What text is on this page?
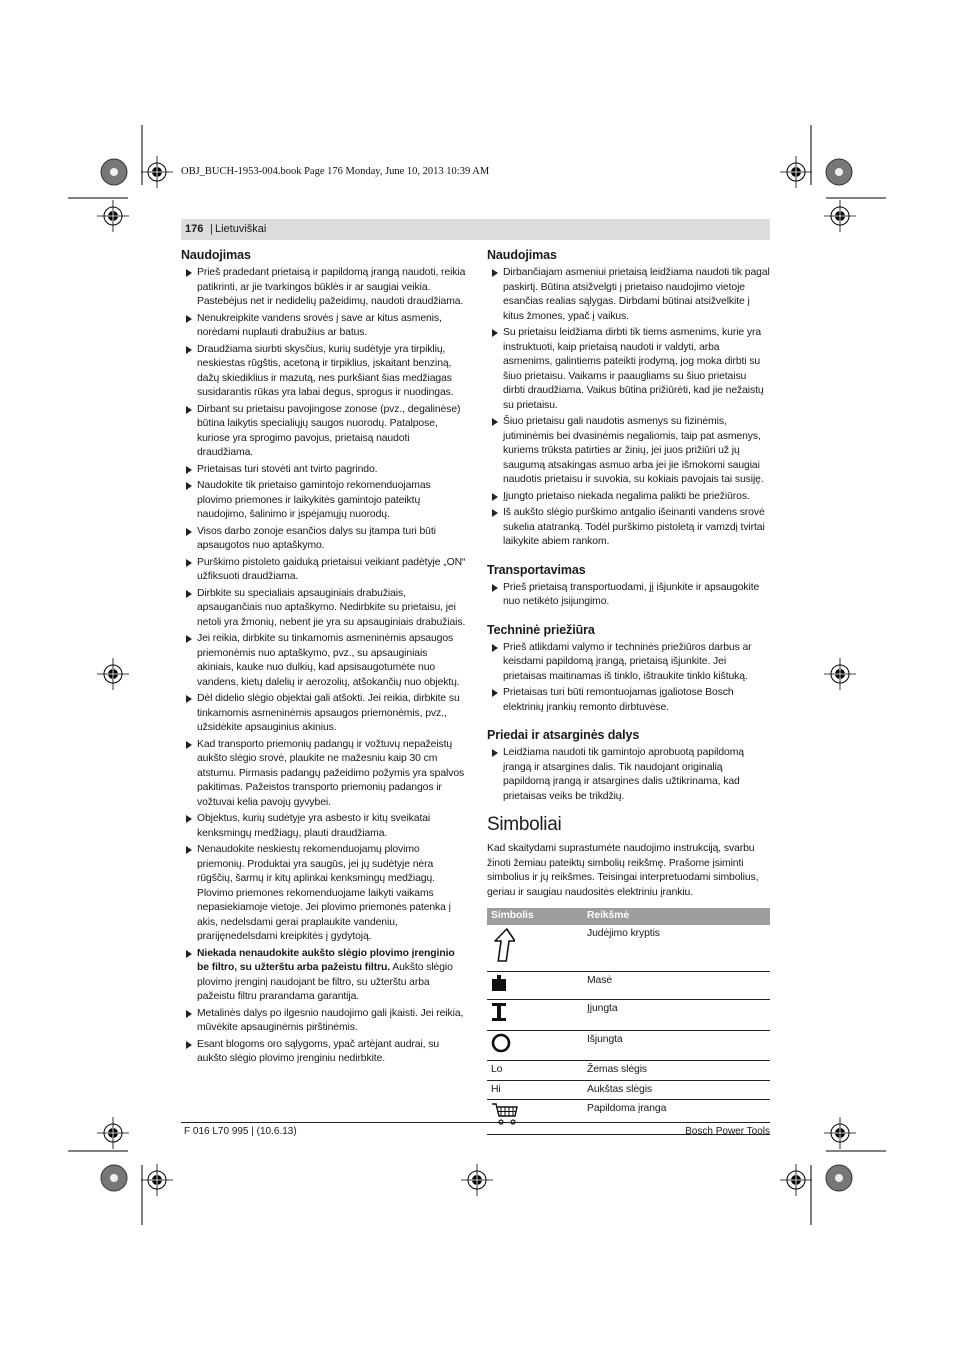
OBJ_BUCH-1953-004.book Page 176 Monday, June 10, 2013 10:39 AM
176 | Lietuviškai
Naudojimas
Prieš pradedant prietaisą ir papildomą įrangą naudoti, reikia patikrinti, ar jie tvarkingos būklės ir ar saugiai veikia. Pastebėjus net ir nedidelių pažeidimų, naudoti draudžiama.
Nenukreipkite vandens srovės į save ar kitus asmenis, norėdami nuplauti drabužius ar batus.
Draudžiama siurbti skysčius, kurių sudėtyje yra tirpiklių, neskiestas rūgštis, acetoną ir tirpiklius, įskaitant benziną, dažų skiediklius ir mazutą, nes purkšiant šias medžiagas susidarantis rūkas yra labai degus, sprogus ir nuodingas.
Dirbant su prietaisu pavojingose zonose (pvz., degalinėse) būtina laikytis specialiųjų saugos nuorodų. Patalpose, kuriose yra sprogimo pavojus, prietaisą naudoti draudžiama.
Prietaisas turi stovėti ant tvirto pagrindo.
Naudokite tik prietaiso gamintojo rekomenduojamas plovimo priemones ir laikykitės gamintojo pateiktų naudojimo, šalinimo ir įspėjamųjų nuorodų.
Visos darbo zonoje esančios dalys su įtampa turi būti apsaugotos nuo aptaškymo.
Purškimo pistoleto gaiduką prietaisui veikiant padėtyje „ON“ užfiksuoti draudžiama.
Dirbkite su specialiais apsauginiais drabužiais, apsaugančiais nuo aptaškymo. Nedirbkite su prietaisu, jei netoli yra žmonių, nebent jie yra su apsauginiais drabužiais.
Jei reikia, dirbkite su tinkamomis asmeninėmis apsaugos priemonėmis nuo aptaškymo, pvz., su apsauginiais akiniais, kauke nuo dulkių, kad apsisaugotumėte nuo vandens, kietų dalelių ir aerozolių, atšokančių nuo objektų.
Dėl didelio slėgio objektai gali atšokti. Jei reikia, dirbkite su tinkamomis asmeninėmis apsaugos priemonėmis, pvz., užsidėkite apsauginius akinius.
Kad transporto priemonių padangų ir vožtuvų nepažeistų aukšto slėgio srovė, plaukite ne mažesniu kaip 30 cm atstumu. Pirmasis padangų pažeidimo požymis yra spalvos pakitimas. Pažeistos transporto priemonių padangos ir vožtuvai kelia pavojų gyvybei.
Objektus, kurių sudėtyje yra asbesto ir kitų sveikatai kenksmingų medžiagų, plauti draudžiama.
Nenaudokite neskiestų rekomenduojamų plovimo priemonių. Produktai yra saugūs, jei jų sudėtyje nėra rūgščių, šarmų ir kitų aplinkai kenksmingų medžiagų. Plovimo priemones rekomenduojame laikyti vaikams nepasiekiamoje vietoje. Jei plovimo priemonės patenka į akis, nedelsdami gerai praplaukite vandeniu, prarijęnedelsdami kreipkitės į gydytoją.
Niekada nenaudokite aukšto slėgio plovimo įrenginio be filtro, su užterštu arba pažeistu filtru. Aukšto slėgio plovimo įrenginį naudojant be filtro, su užterštu arba pažeistu filtru prarandama garantija.
Metalinės dalys po ilgesnio naudojimo gali įkaisti. Jei reikia, mūvėkite apsauginėmis pirštinėmis.
Esant blogoms oro sąlygoms, ypač artėjant audrai, su aukšto slėgio plovimo įrenginiu nedirbkite.
Naudojimas
Dirbančiajam asmeniui prietaisą leidžiama naudoti tik pagal paskirtį. Būtina atsižvelgti į prietaiso naudojimo vietoje esančias realias sąlygas. Dirbdami būtinai atsižvelkite į kitus žmones, ypač į vaikus.
Su prietaisu leidžiama dirbti tik tiems asmenims, kurie yra instruktuoti, kaip prietaisą naudoti ir valdyti, arba asmenims, galintiems pateikti įrodymą, jog moka dirbti su šiuo prietaisu. Vaikams ir paaugliams su šiuo prietaisu dirbti draudžiama. Vaikus būtina prižiūrėti, kad jie nežaistų su prietaisu.
Šiuo prietaisu gali naudotis asmenys su fizinėmis, jutiminėmis bei dvasinėmis negaliomis, taip pat asmenys, kuriems trūksta patirties ar žinių, jei juos prižiūri už jų saugumą atsakingas asmuo arba jei jie išmokomi saugiai naudotis prietaisu ir suvokia, su kokiais pavojais tai susiję.
Įjungto prietaiso niekada negalima palikti be priežiūros.
Iš aukšto slėgio purškimo antgalio išeinanti vandens srovė sukelia atatranką. Todėl purškimo pistoletą ir vamzdį tvirtai laikykite abiem rankom.
Transportavimas
Prieš prietaisą transportuodami, jį išjunkite ir apsaugokite nuo netikėto įsijungimo.
Techninė priežiūra
Prieš atlikdami valymo ir techninės priežiūros darbus ar keisdami papildomą įrangą, prietaisą išjunkite. Jei prietaisas maitinamas iš tinklo, ištraukite tinklo kištuką.
Prietaisas turi būti remontuojamas įgaliotose Bosch elektrinių įrankių remonto dirbtuvėse.
Priedai ir atsarginės dalys
Leidžiama naudoti tik gamintojo aprobuotą papildomą įrangą ir atsargines dalis. Tik naudojant originalią papildomą įrangą ir atsargines dalis užtikrinama, kad prietaisas veiks be trikdžių.
Simboliai

Kad skaitydami suprastumėte naudojimo instrukciją, svarbu žinoti žemiau pateiktų simbolių reikšmę. Prašome įsiminti simbolius ir jų reikšmes. Teisingai interpretuodami simbolius, geriau ir saugiau naudositės elektriniu įrankiu.

Simbolis	Reikšmė
	Judėjimo kryptis
	Masė
	Įjungta
	Išjungta
Lo	Žemas slėgis
Hi	Aukštas slėgis
	Papildoma įranga
F 016 L70 995 | (10.6.13)	Bosch Power Tools
